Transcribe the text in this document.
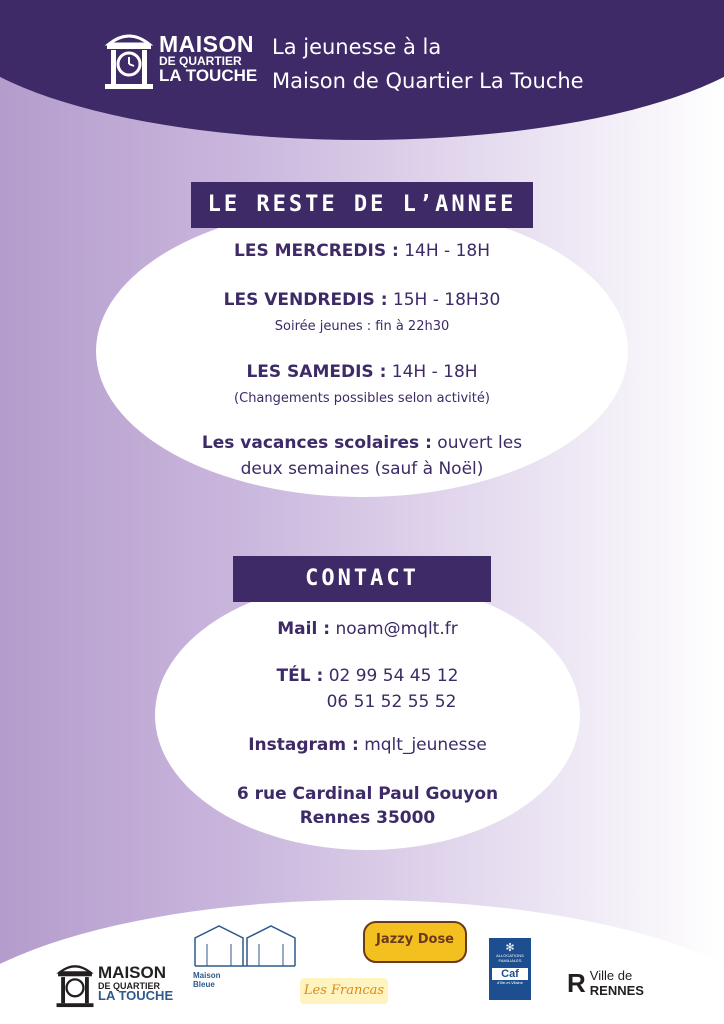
MAISON
DE QUARTIER
LA TOUCHE
La jeunesse à la
Maison de Quartier La Touche
LE RESTE DE L’ANNEE
LES MERCREDIS : 14H - 18H
LES VENDREDIS : 15H - 18H30
Soirée jeunes : fin à 22h30
LES SAMEDIS : 14H - 18H
(Changements possibles selon activité)
Les vacances scolaires : ouvert les
deux semaines (sauf à Noël)
CONTACT
Mail : noam@mqlt.fr
TÉL : 02 99 54 45 12
06 51 52 55 52
Instagram : mqlt_jeunesse
6 rue Cardinal Paul Gouyon
Rennes 35000
MAISON
DE QUARTIER
LA TOUCHE
Maison
Bleue
Jazzy Dose
Les Francas
✻
ALLOCATIONS
FAMILIALES
Caf
d'Ille-et-Vilaine	R Ville de
RENNES
